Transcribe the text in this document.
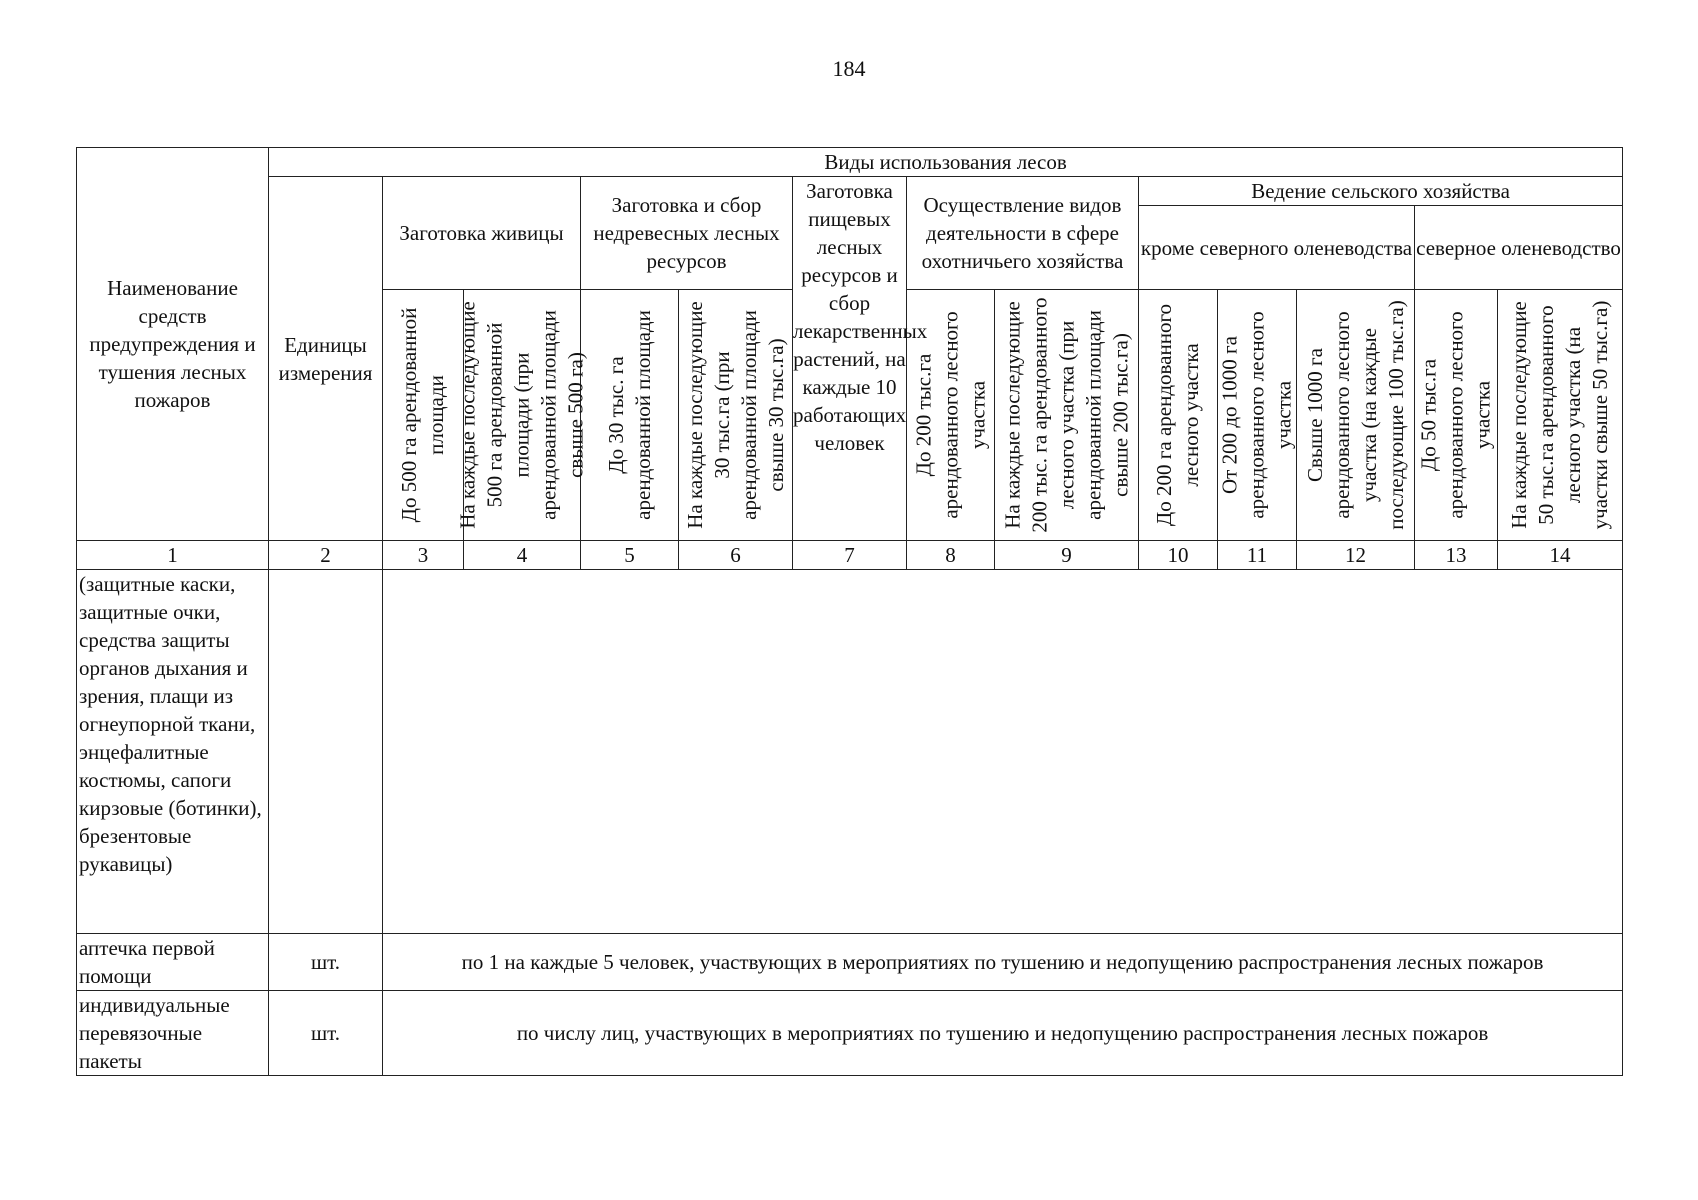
184
Наименование средств предупреждения и тушения лесных пожаров	Виды использования лесов												
	Единицы измерения	Заготовка живицы		Заготовка и сбор недревесных лесных ресурсов		Заготовка пищевых лесных ресурсов и сбор лекарственных растений, на каждые 10 работающих человек	Осуществление видов деятельности в сфере охотничьего хозяйства		Ведение сельского хозяйства				
									кроме северного оленеводства			северное оленеводство	

		До 500 га арендованной площади	На каждые последующие 500 га арендованной площади (при арендованной площади свыше 500 га)	До 30 тыс. га арендованной площади	На каждые последующие 30 тыс.га (при арендованной площади свыше 30 тыс.га)		До 200 тыс.га арендованного лесного участка	На каждые последующие 200 тыс. га арендованного лесного участка (при арендованной площади свыше 200 тыс.га)	До 200 га арендованного лесного участка	От 200 до 1000 га арендованного лесного участка	Свыше 1000 га арендованного лесного участка (на каждые последующие 100 тыс.га)	До 50 тыс.га арендованного лесного участка	На каждые последующие 50 тыс.га арендованного лесного участка (на участки свыше 50 тыс.га)

1	2	3	4	5	6	7	8	9	10	11	12	13	14
(защитные каски, защитные очки, средства защиты органов дыхания и зрения, плащи из огнеупорной ткани, энцефалитные костюмы, сапоги кирзовые (ботинки), брезентовые рукавицы)													
аптечка первой помощи	шт.	по 1 на каждые 5 человек, участвующих в мероприятиях по тушению и недопущению распространения лесных пожаров											
индивидуальные перевязочные пакеты	шт.	по числу лиц, участвующих в мероприятиях по тушению и недопущению распространения лесных пожаров											
